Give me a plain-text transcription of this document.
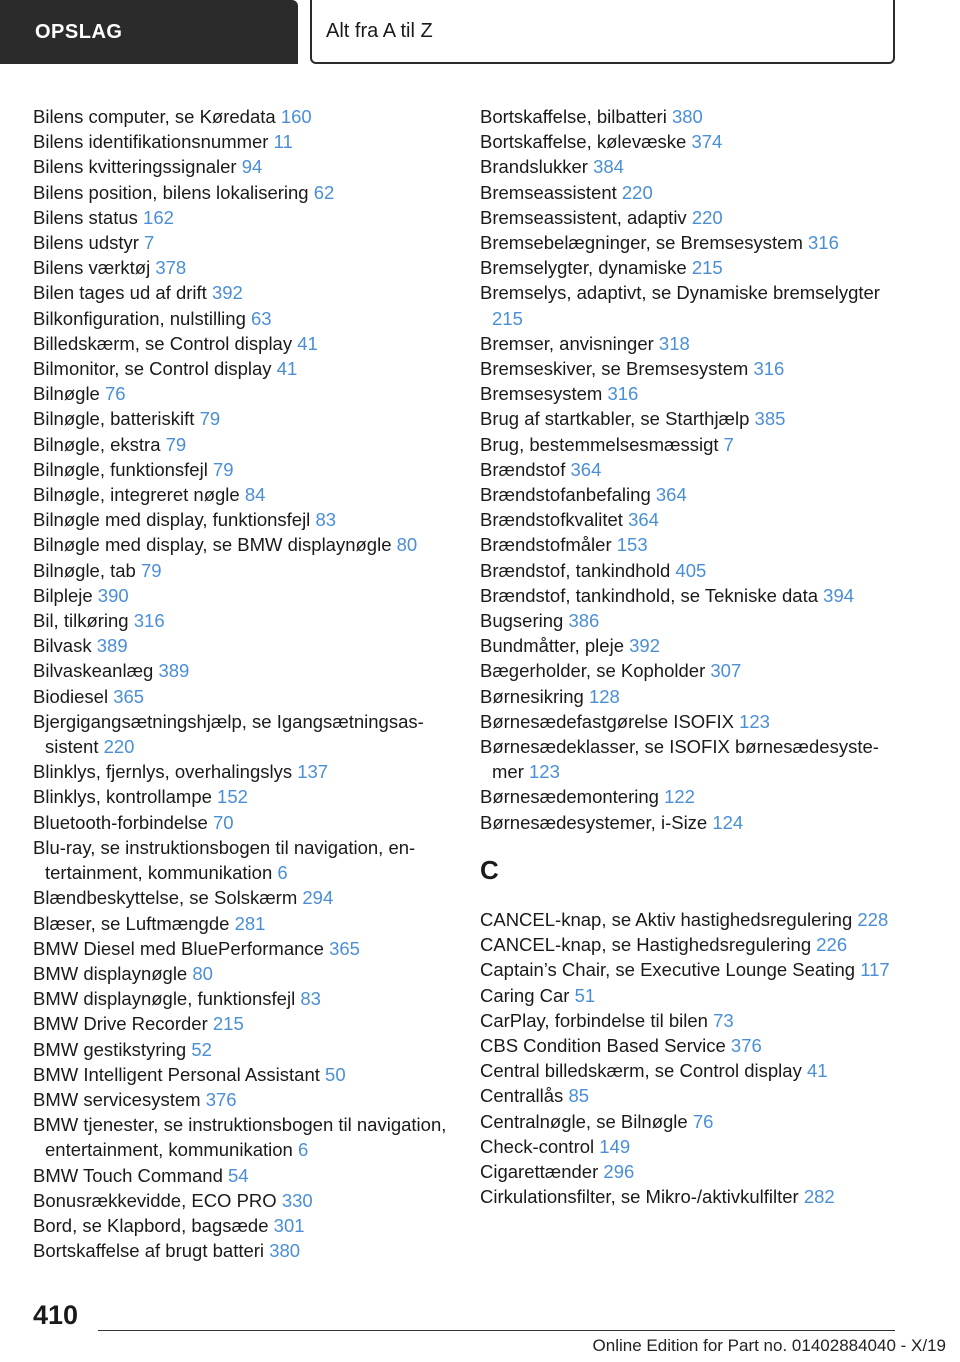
OPSLAG	Alt fra A til Z
Bilens computer, se Køredata 160
Bilens identifikationsnummer 11
Bilens kvitteringssignaler 94
Bilens position, bilens lokalisering 62
Bilens status 162
Bilens udstyr 7
Bilens værktøj 378
Bilen tages ud af drift 392
Bilkonfiguration, nulstilling 63
Billedskærm, se Control display 41
Bilmonitor, se Control display 41
Bilnøgle 76
Bilnøgle, batteriskift 79
Bilnøgle, ekstra 79
Bilnøgle, funktionsfejl 79
Bilnøgle, integreret nøgle 84
Bilnøgle med display, funktionsfejl 83
Bilnøgle med display, se BMW displaynøgle 80
Bilnøgle, tab 79
Bilpleje 390
Bil, tilkøring 316
Bilvask 389
Bilvaskeanlæg 389
Biodiesel 365
Bjergigangsætningshjælp, se Igangsætningsassistent 220
Blinklys, fjernlys, overhalingslys 137
Blinklys, kontrollampe 152
Bluetooth-forbindelse 70
Blu-ray, se instruktionsbogen til navigation, entertainment, kommunikation 6
Blændbeskyttelse, se Solskærm 294
Blæser, se Luftmængde 281
BMW Diesel med BluePerformance 365
BMW displaynøgle 80
BMW displaynøgle, funktionsfejl 83
BMW Drive Recorder 215
BMW gestikstyring 52
BMW Intelligent Personal Assistant 50
BMW servicesystem 376
BMW tjenester, se instruktionsbogen til navigation, entertainment, kommunikation 6
BMW Touch Command 54
Bonusrækkevidde, ECO PRO 330
Bord, se Klapbord, bagsæde 301
Bortskaffelse af brugt batteri 380
Bortskaffelse, bilbatteri 380
Bortskaffelse, kølevæske 374
Brandslukker 384
Bremseassistent 220
Bremseassistent, adaptiv 220
Bremsebelægninger, se Bremsesystem 316
Bremselygter, dynamiske 215
Bremselys, adaptivt, se Dynamiske bremselygter 215
Bremser, anvisninger 318
Bremseskiver, se Bremsesystem 316
Bremsesystem 316
Brug af startkabler, se Starthjælp 385
Brug, bestemmelsesmæssigt 7
Brændstof 364
Brændstofanbefaling 364
Brændstofkvalitet 364
Brændstofmåler 153
Brændstof, tankindhold 405
Brændstof, tankindhold, se Tekniske data 394
Bugsering 386
Bundmåtter, pleje 392
Bægerholder, se Kopholder 307
Børnesikring 128
Børnesædefastgørelse ISOFIX 123
Børnesædeklasser, se ISOFIX børnesædesystemer 123
Børnesædemontering 122
Børnesædesystemer, i-Size 124
C
CANCEL-knap, se Aktiv hastighedsregulering 228
CANCEL-knap, se Hastighedsregulering 226
Captain’s Chair, se Executive Lounge Seating 117
Caring Car 51
CarPlay, forbindelse til bilen 73
CBS Condition Based Service 376
Central billedskærm, se Control display 41
Centrallås 85
Centralnøgle, se Bilnøgle 76
Check-control 149
Cigarettænder 296
Cirkulationsfilter, se Mikro-/aktivkulfilter 282
410
Online Edition for Part no. 01402884040 - X/19
